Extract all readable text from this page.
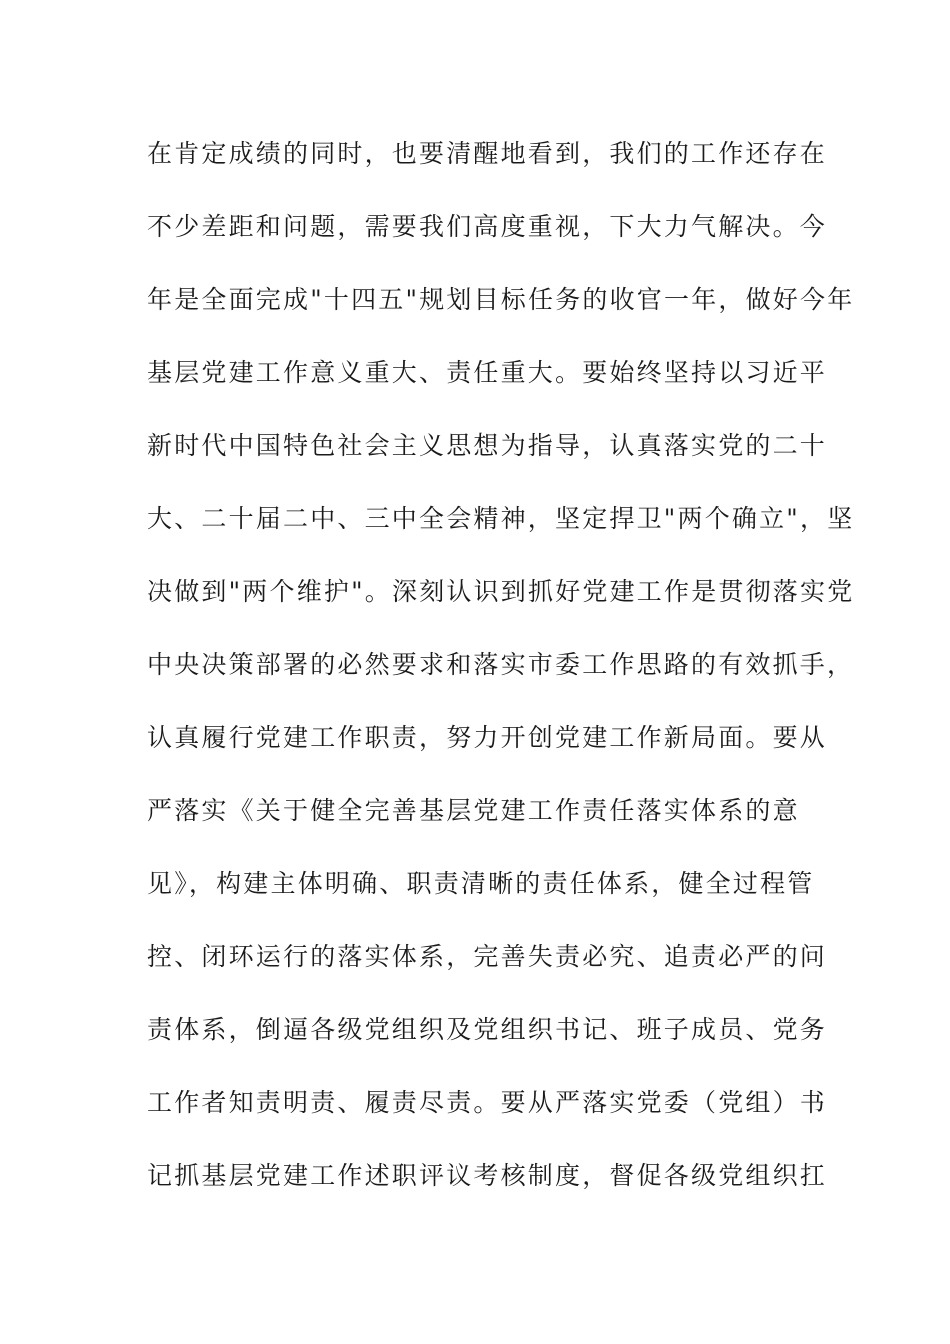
在肯定成绩的同时，也要清醒地看到，我们的工作还存在
不少差距和问题，需要我们高度重视，下大力气解决。今
年是全面完成"十四五"规划目标任务的收官一年，做好今年
基层党建工作意义重大、责任重大。要始终坚持以习近平
新时代中国特色社会主义思想为指导，认真落实党的二十
大、二十届二中、三中全会精神，坚定捍卫"两个确立"，坚
决做到"两个维护"。深刻认识到抓好党建工作是贯彻落实党
中央决策部署的必然要求和落实市委工作思路的有效抓手，
认真履行党建工作职责，努力开创党建工作新局面。要从
严落实《关于健全完善基层党建工作责任落实体系的意
见》，构建主体明确、职责清晰的责任体系，健全过程管
控、闭环运行的落实体系，完善失责必究、追责必严的问
责体系，倒逼各级党组织及党组织书记、班子成员、党务
工作者知责明责、履责尽责。要从严落实党委（党组）书
记抓基层党建工作述职评议考核制度，督促各级党组织扛
